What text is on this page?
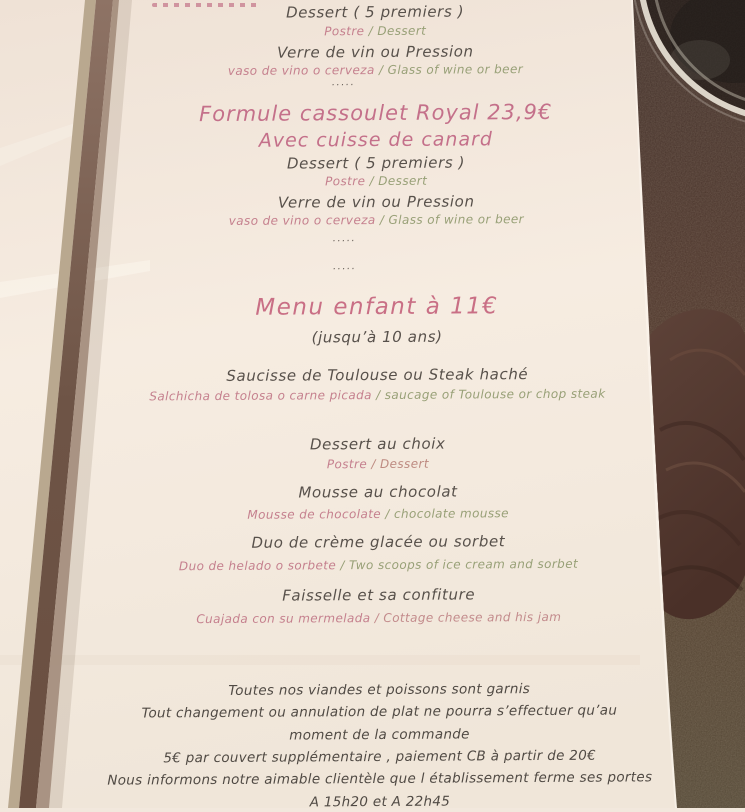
Dessert ( 5 premiers )
Postre / Dessert
Verre de vin ou Pression
vaso de vino o cerveza / Glass of wine or beer
.....
Formule cassoulet Royal 23,9€
Avec cuisse de canard
Dessert ( 5 premiers )
Postre / Dessert
Verre de vin ou Pression
vaso de vino o cerveza / Glass of wine or beer
.....
.....
Menu enfant à 11€
(jusqu’à 10 ans)
Saucisse de Toulouse ou Steak haché
Salchicha de tolosa o carne picada / saucage of Toulouse or chop steak
Dessert au choix
Postre / Dessert
Mousse au chocolat
Mousse de chocolate / chocolate mousse
Duo de crème glacée ou sorbet
Duo de helado o sorbete / Two scoops of ice cream and sorbet
Faisselle et sa confiture
Cuajada con su mermelada / Cottage cheese and his jam
Toutes nos viandes et poissons sont garnis
Tout changement ou annulation de plat ne pourra s’effectuer qu’au
moment de la commande
5€ par couvert supplémentaire , paiement CB à partir de 20€
Nous informons notre aimable clientèle que l établissement ferme ses portes
A 15h20 et A 22h45
